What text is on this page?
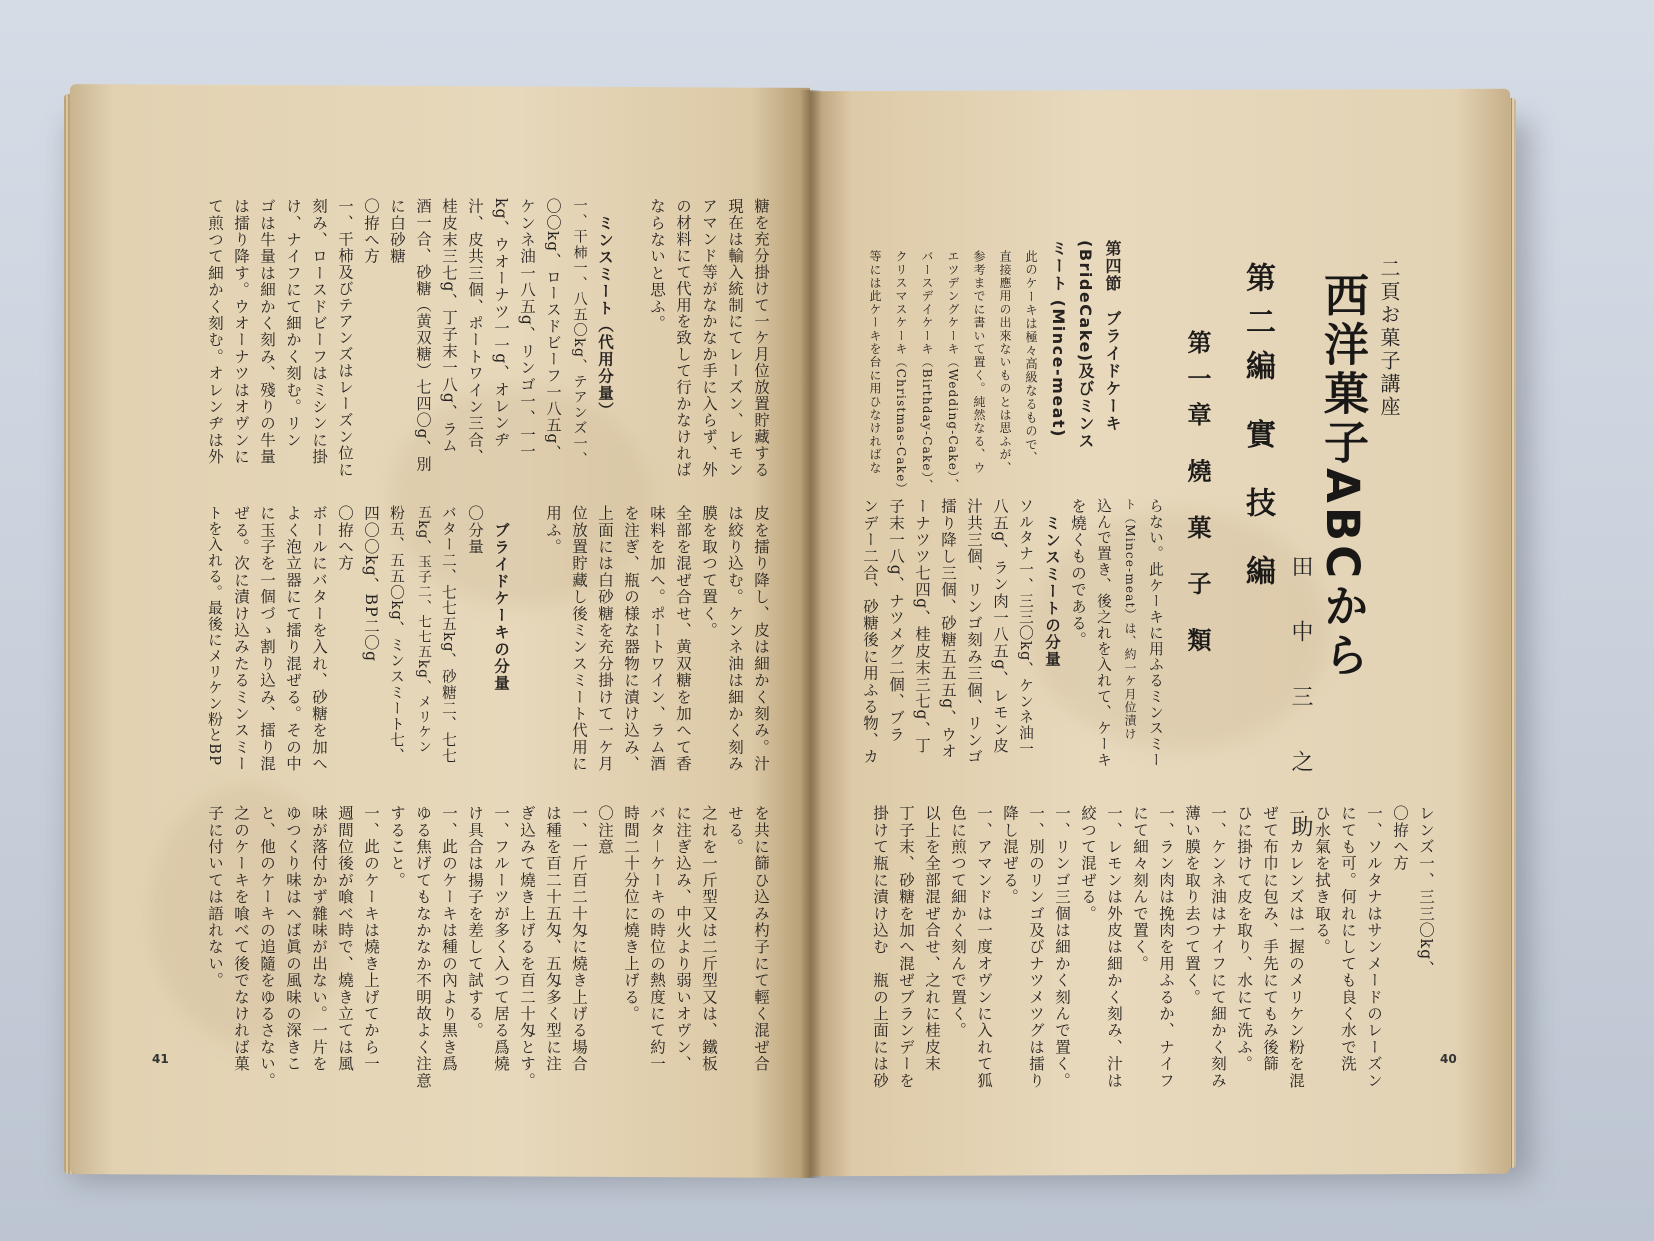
二頁お菓子講座
西洋菓子ABCから
第二編 實 技 編
第一章 燒 菓 子 類
田 中 三 之 助
第四節　ブライドケーキ
(BrideCake)及びミンス
ミート (Mince-meat)
此のケーキは極々高級なるもので、
直接應用の出來ないものとは思ふが、
参考までに書いて置く。純然なる、ウ
エツデングケーキ（Wedding-Cake）、
バースデイケーキ（Birthday-Cake）、
クリスマスケーキ（Christmas-Cake）
等には此ケーキを台に用ひなければな
らない。此ケーキに用ふるミンスミー
ト（Mince-meat）は、約一ケ月位漬け
込んで置き、後之れを入れて、ケーキ
を燒くものである。
　ミンスミートの分量
ソルタナ一、三三〇kg、ケンネ油一
八五g、ラン肉一八五g、レモン皮
汁共三個、リンゴ刻み三個、リンゴ
擂り降し三個、砂糖五五五g、ウオ
ーナツツ七四g、桂皮末三七g、丁
子末一八g、ナツメグ二個、ブラ
ンデー二合、砂糖後に用ふる物、カ
レンズ一、三三〇kg、
〇拵へ方
一、ソルタナはサンメードのレーズン
にても可。何れにしても良く水で洗
ひ水氣を拭き取る。
一、カレンズは一握のメリケン粉を混
ぜて布巾に包み、手先にてもみ後篩
ひに掛けて皮を取り、水にて洗ふ。
一、ケンネ油はナイフにて細かく刻み
薄い膜を取り去つて置く。
一、ラン肉は挽肉を用ふるか、ナイフ
にて細々刻んで置く。
一、レモンは外皮は細かく刻み、汁は
絞つて混ぜる。
一、リンゴ三個は細かく刻んで置く。
一、別のリンゴ及びナツメツグは擂り
降し混ぜる。
一、アマンドは一度オヴンに入れて狐
色に煎つて細かく刻んで置く。
以上を全部混ぜ合せ、之れに桂皮末
丁子末、砂糖を加へ混ぜブランデーを
掛けて瓶に漬け込む　瓶の上面には砂	40
糖を充分掛けて一ケ月位放置貯藏する
現在は輸入統制にてレーズン、レモン
アマンド等がなかなか手に入らず、外
の材料にて代用を致して行かなければ
ならないと思ふ。
　ミンスミート（代用分量）
一、干柿一、八五〇kg、テアンズ一、
〇〇kg、ロースドビーフ一八五g、
ケンネ油一八五g、リンゴ一、一一
kg、ウオーナツ一一g、オレンヂ
汁、皮共三個、ポートワイン三合、
桂皮末三七g、丁子末一八g、ラム
酒一合、砂糖（黄双糖）七四〇g、別
に白砂糖
〇拵へ方
一、干柿及びテアンズはレーズン位に
刻み、ロースドビーフはミシンに掛
け、ナイフにて細かく刻む。リン
ゴは牛量は細かく刻み、殘りの牛量
は擂り降す。ウオーナツはオヴンに
て煎つて細かく刻む。オレンヂは外
皮を擂り降し、皮は細かく刻み。汁
は絞り込む。ケンネ油は細かく刻み
膜を取つて置く。
全部を混ぜ合せ、黄双糖を加へて香
味料を加へ。ポートワイン、ラム酒
を注ぎ、瓶の様な器物に漬け込み、
上面には白砂糖を充分掛けて一ケ月
位放置貯藏し後ミンスミート代用に
用ふ。
　ブライドケーキの分量
〇分量
バター二、七七五kg、砂糖二、七七
五kg、玉子二、七七五kg、メリケン
粉五、五五〇kg、ミンスミート七、
四〇〇kg、BP二〇g
〇拵へ方
ボールにバターを入れ、砂糖を加へ
よく泡立器にて擂り混ぜる。その中
に玉子を一個づゝ割り込み、擂り混
ぜる。次に漬け込みたるミンスミー
トを入れる。最後にメリケン粉とBP
を共に篩ひ込み杓子にて輕く混ぜ合
せる。
之れを一斤型又は二斤型又は、鐵板
に注ぎ込み、中火より弱いオヴン、
バタ－ケーキの時位の熱度にて約一
時間二十分位に燒き上げる。
〇注意
一、一斤百二十匁に燒き上げる場合
は種を百二十五匁、五匁多く型に注
ぎ込みて燒き上げるを百二十匁とす。
一、フルーツが多く入つて居る爲燒
け具合は揚子を差して試する。
一、此のケーキは種の內より黒き爲
ゆる焦げてもなかなか不明故よく注意
すること。
一、此のケーキは燒き上げてから一
週間位後が喰べ時で、燒き立ては風
味が落付かず雜味が出ない。一片を
ゆつくり味はへば眞の風味の深きこ
と、他のケーキの追隨をゆるさない。
之のケーキを喰べて後でなければ菓
子に付いては語れない。
41
